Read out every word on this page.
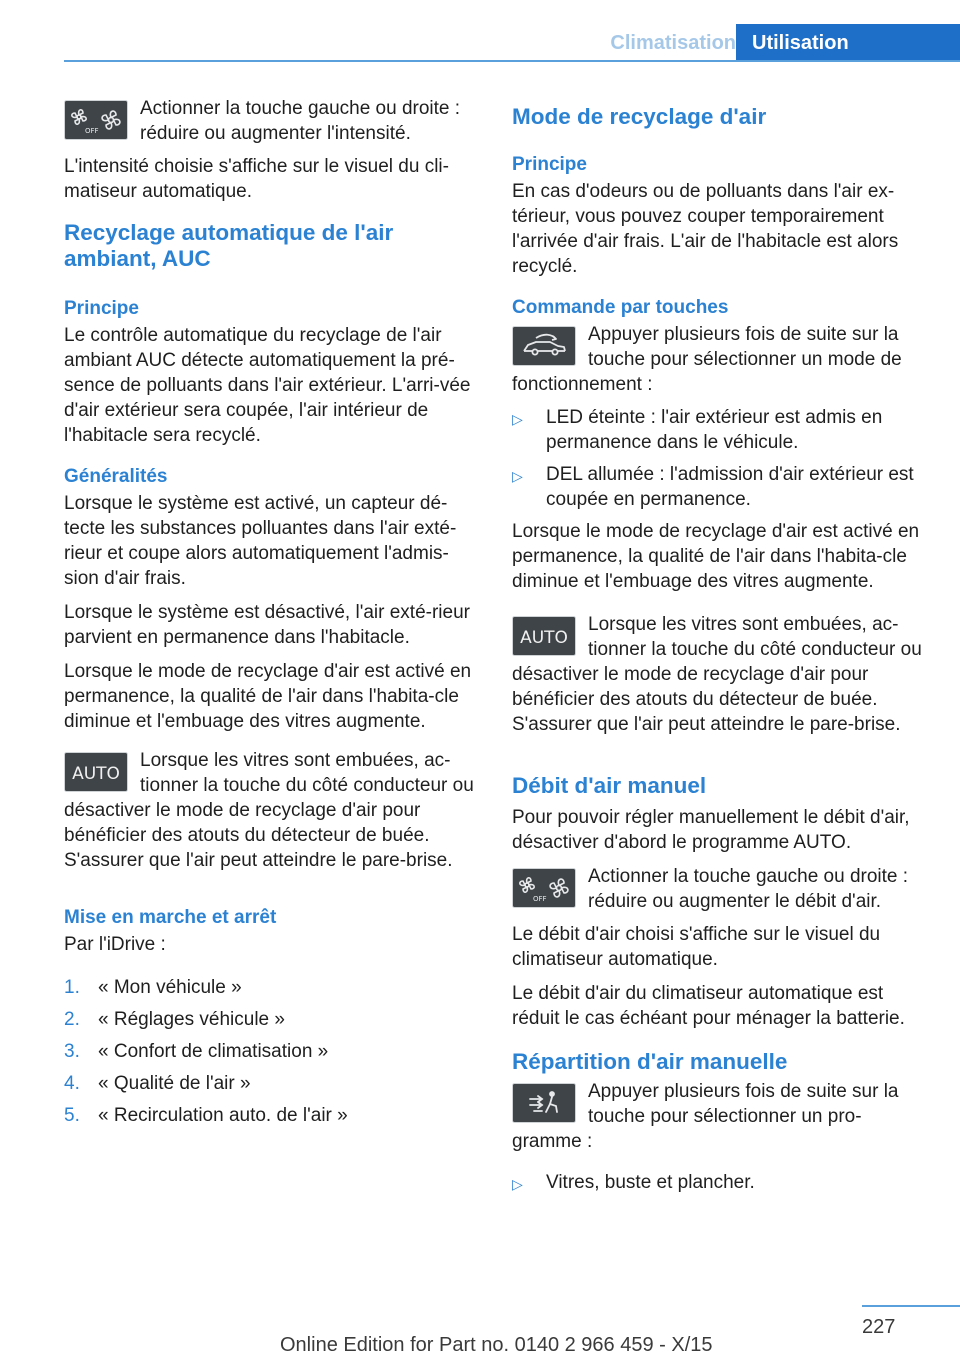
Climatisation Utilisation
OFF

Actionner la touche gauche ou droite : réduire ou augmenter l'intensité.

L'intensité choisie s'affiche sur le visuel du cli-matiseur automatique.

Recyclage automatique de l'air ambiant, AUC
Principe

Le contrôle automatique du recyclage de l'air ambiant AUC détecte automatiquement la pré-sence de polluants dans l'air extérieur. L'arri-vée d'air extérieur sera coupée, l'air intérieur de l'habitacle sera recyclé.

Généralités

Lorsque le système est activé, un capteur dé-tecte les substances polluantes dans l'air exté-rieur et coupe alors automatiquement l'admis-sion d'air frais.

Lorsque le système est désactivé, l'air exté-rieur parvient en permanence dans l'habitacle.

Lorsque le mode de recyclage d'air est activé en permanence, la qualité de l'air dans l'habita-cle diminue et l'embuage des vitres augmente.

AUTO

Lorsque les vitres sont embuées, ac-tionner la touche du côté conducteur ou désactiver le mode de recyclage d'air pour bénéficier des atouts du détecteur de buée. S'assurer que l'air peut atteindre le pare-brise.

Mise en marche et arrêt

Par l'iDrive :

1. « Mon véhicule »
2. « Réglages véhicule »
3. « Confort de climatisation »
4. « Qualité de l'air »
5. « Recirculation auto. de l'air »
Mode de recyclage d'air
Principe

En cas d'odeurs ou de polluants dans l'air ex-térieur, vous pouvez couper temporairement l'arrivée d'air frais. L'air de l'habitacle est alors recyclé.

Commande par touches

Appuyer plusieurs fois de suite sur la touche pour sélectionner un mode de fonctionnement :

▷ LED éteinte : l'air extérieur est admis en permanence dans le véhicule.
▷ DEL allumée : l'admission d'air extérieur est coupée en permanence.

Lorsque le mode de recyclage d'air est activé en permanence, la qualité de l'air dans l'habita-cle diminue et l'embuage des vitres augmente.

AUTO

Lorsque les vitres sont embuées, ac-tionner la touche du côté conducteur ou désactiver le mode de recyclage d'air pour bénéficier des atouts du détecteur de buée. S'assurer que l'air peut atteindre le pare-brise.

Débit d'air manuel

Pour pouvoir régler manuellement le débit d'air, désactiver d'abord le programme AUTO.

OFF

Actionner la touche gauche ou droite : réduire ou augmenter le débit d'air.

Le débit d'air choisi s'affiche sur le visuel du climatiseur automatique.

Le débit d'air du climatiseur automatique est réduit le cas échéant pour ménager la batterie.

Répartition d'air manuelle

Appuyer plusieurs fois de suite sur la touche pour sélectionner un pro-gramme :

▷ Vitres, buste et plancher.
227
Online Edition for Part no. 0140 2 966 459 - X/15
